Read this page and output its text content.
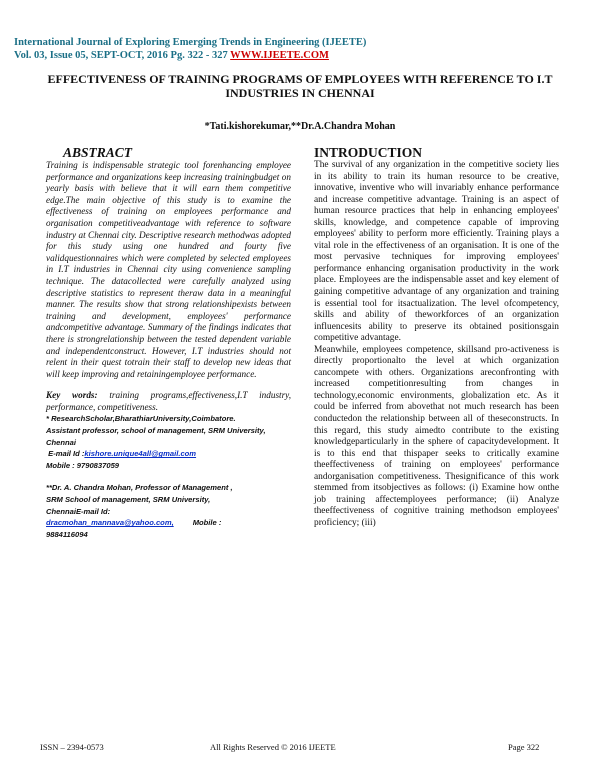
International Journal of Exploring Emerging Trends in Engineering (IJEETE)
Vol. 03, Issue 05, SEPT-OCT, 2016 Pg. 322 - 327 WWW.IJEETE.COM
EFFECTIVENESS OF TRAINING PROGRAMS OF EMPLOYEES WITH REFERENCE TO I.T INDUSTRIES IN CHENNAI
*Tati.kishorekumar,**Dr.A.Chandra Mohan
ABSTRACT

Training is indispensable strategic tool forenhancing employee performance and organizations keep increasing trainingbudget on yearly basis with believe that it will earn them competitive edge.The main objective of this study is to examine the effectiveness of training on employees performance and organisation competitiveadvantage with reference to software industry at Chennai city. Descriptive research methodwas adopted for this study using one hundred and fourty five validquestionnaires which were completed by selected employees in I.T industries in Chennai city using convenience sampling technique. The datacollected were carefully analyzed using descriptive statistics to represent theraw data in a meaningful manner. The results show that strong relationshipexists between training and development, employees' performance andcompetitive advantage. Summary of the findings indicates that there is strongrelationship between the tested dependent variable and independentconstruct. However, I.T industries should not relent in their quest totrain their staff to develop new ideas that will keep improving and retainingemployee performance.

Key words: training programs,effectiveness,I.T industry, performance, competitiveness.

* ResearchScholar,BharathiarUniversity,Coimbatore.
Assistant professor, school of management, SRM University, Chennai
E-mail Id :kishore.unique4all@gmail.com
Mobile : 9790837059

**Dr. A. Chandra Mohan, Professor of Management ,
SRM School of management, SRM University,
ChennaiE-mail Id:
dracmohan_mannava@yahoo.com,	Mobile :
9884116094

INTRODUCTION

The survival of any organization in the competitive society lies in its ability to train its human resource to be creative, innovative, inventive who will invariably enhance performance and increase competitive advantage. Training is an aspect of human resource practices that help in enhancing employees' skills, knowledge, and competence capable of improving employees' ability to perform more efficiently. Training plays a vital role in the effectiveness of an organisation. It is one of the most pervasive techniques for improving employees' performance enhancing organisation productivity in the work place. Employees are the indispensable asset and key element of gaining competitive advantage of any organization and training is essential tool for itsactualization. The level ofcompetency, skills and ability of theworkforces of an organization influencesits ability to preserve its obtained positionsgain competitive advantage.

Meanwhile, employees competence, skillsand pro-activeness is directly proportionalto the level at which organization cancompete with others. Organizations areconfronting with increased competitionresulting from changes in technology,economic environments, globalization etc. As it could be inferred from abovethat not much research has been conductedon the relationship between all of theseconstructs. In this regard, this study aimedto contribute to the existing knowledgeparticularly in the sphere of capacitydevelopment. It is to this end that thispaper seeks to critically examine theeffectiveness of training on employees' performance andorganisation competitiveness. Thesignificance of this work stemmed from itsobjectives as follows: (i) Examine how onthe job training affectemployees performance; (ii) Analyze theeffectiveness of cognitive training methodson employees' proficiency; (iii)

ISSN – 2394-0573	All Rights Reserved © 2016 IJEETE	Page 322
